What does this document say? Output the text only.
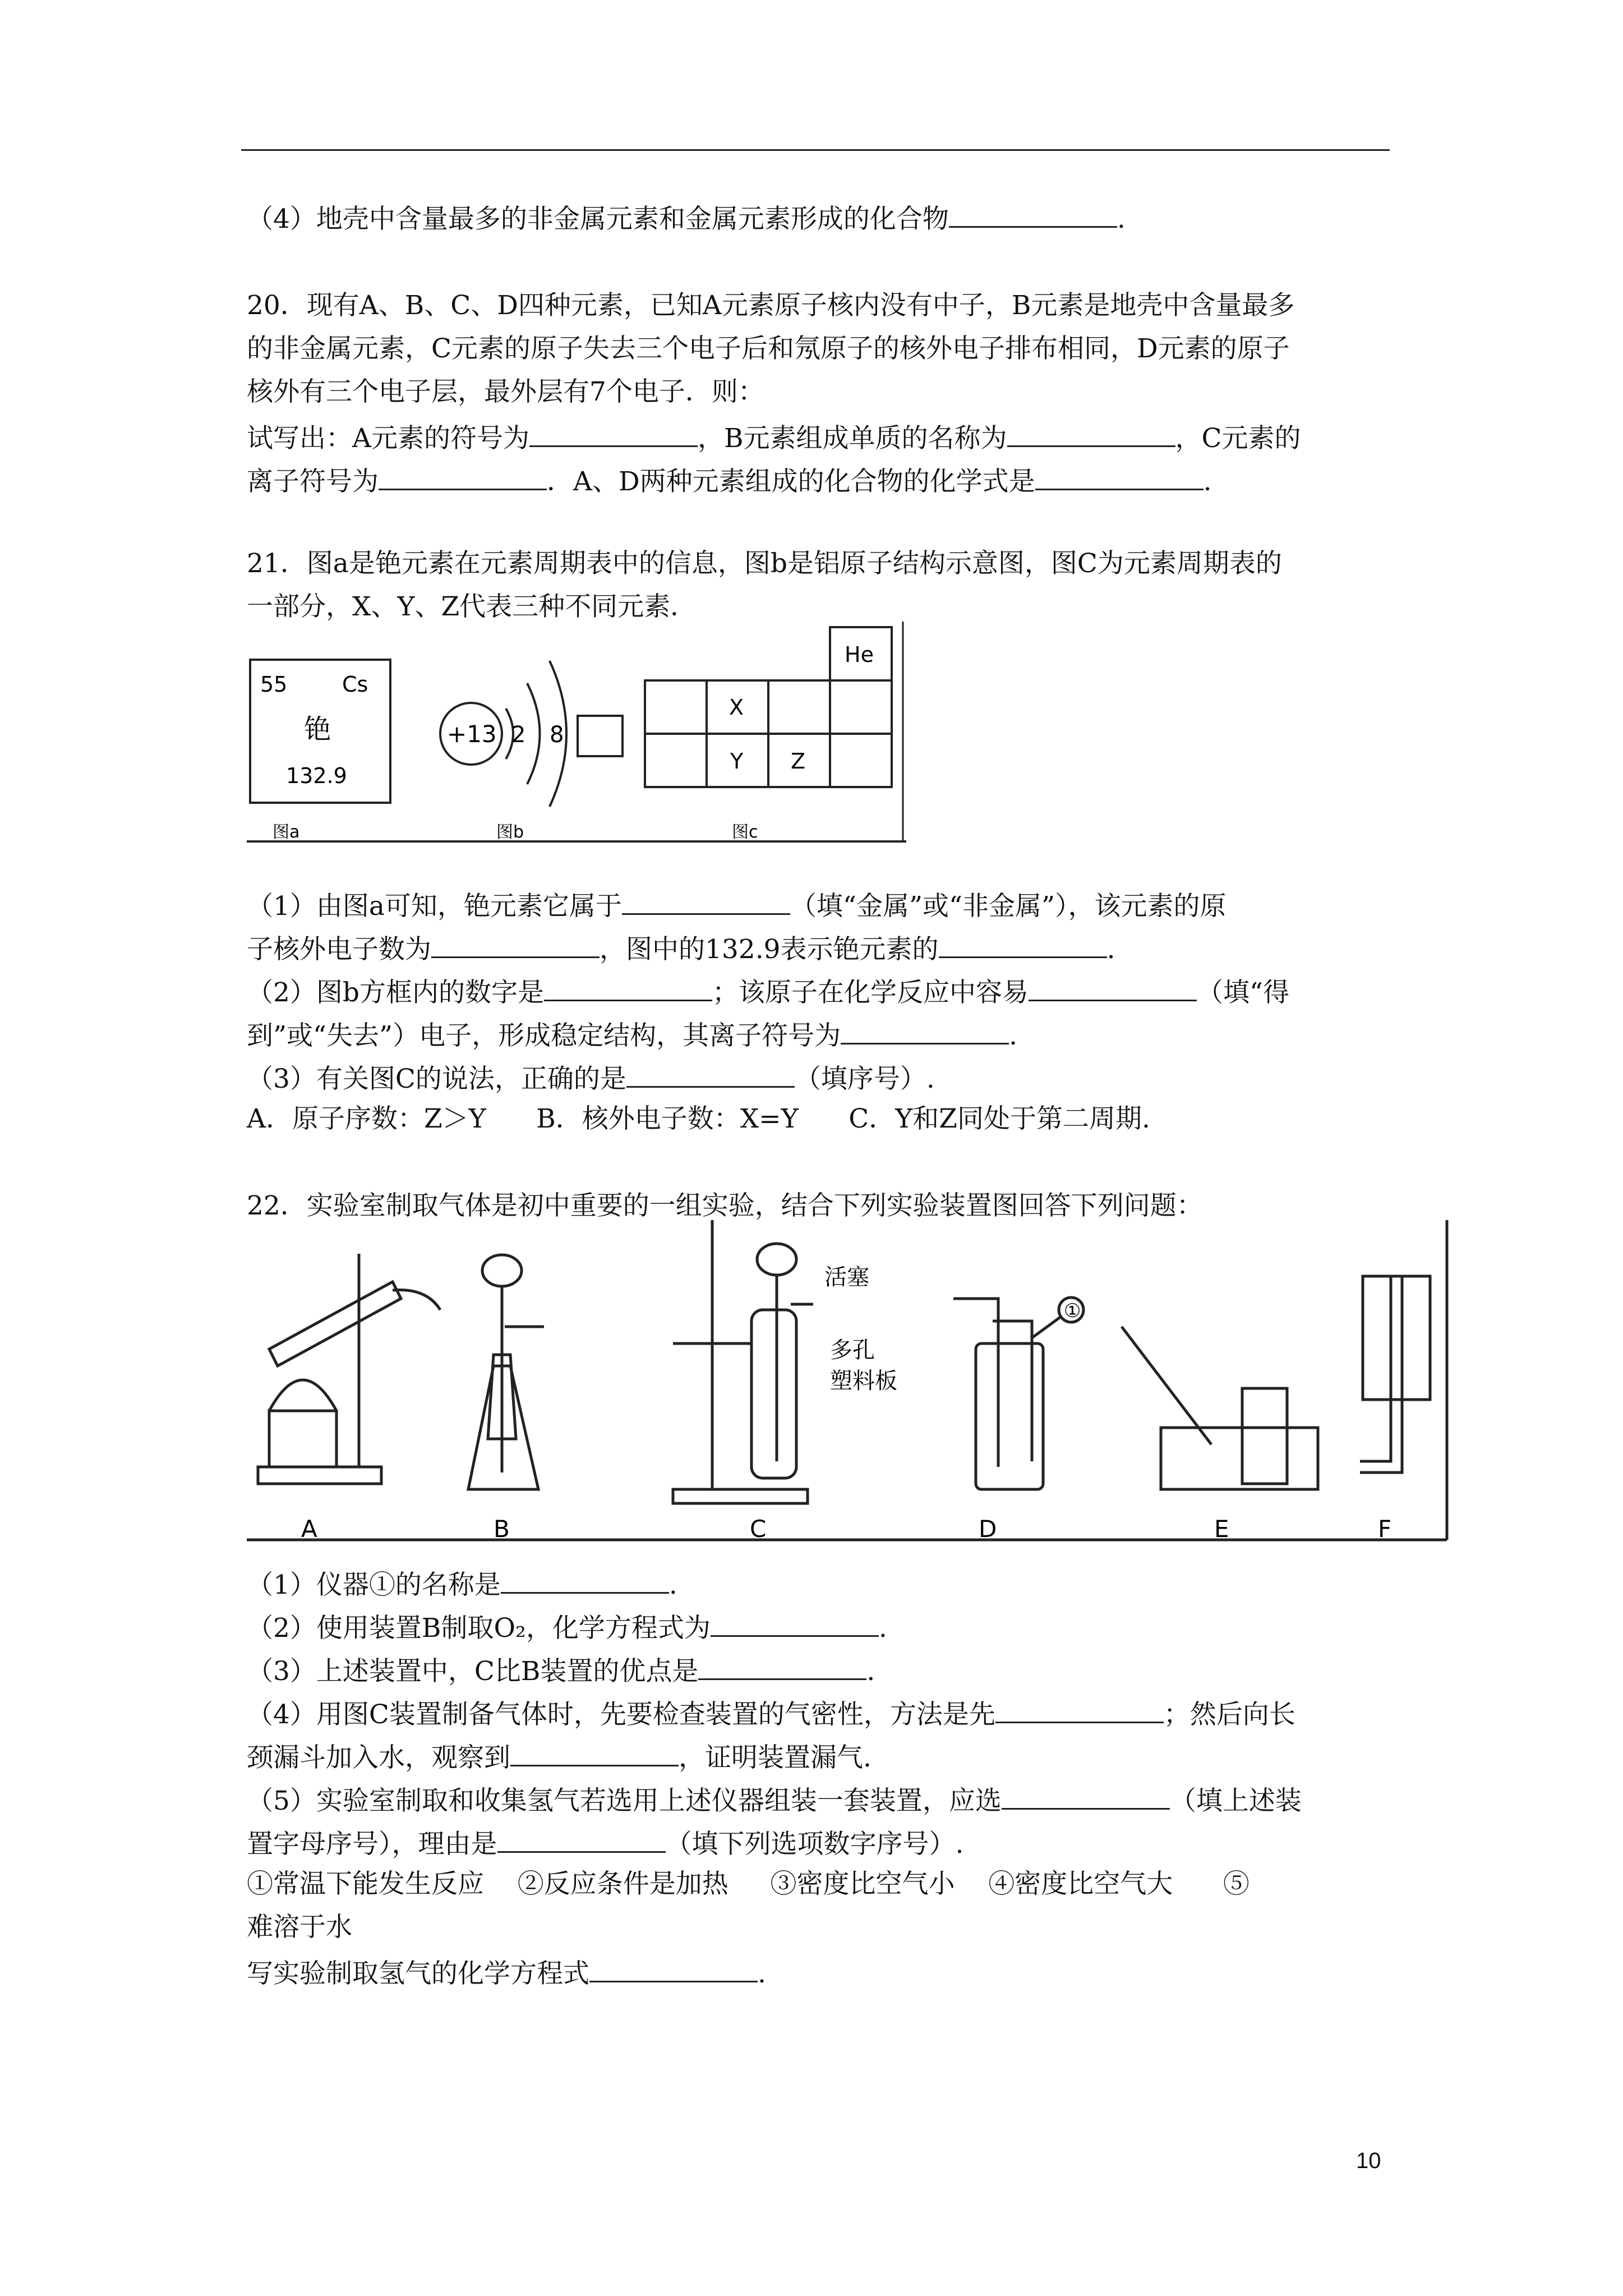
（4）地壳中含量最多的非金属元素和金属元素形成的化合物	.
20．现有A、B、C、D四种元素，已知A元素原子核内没有中子，B元素是地壳中含量最多
的非金属元素，C元素的原子失去三个电子后和氖原子的核外电子排布相同，D元素的原子
核外有三个电子层，最外层有7个电子．则：
试写出：A元素的符号为	，B元素组成单质的名称为	，C元素的
离子符号为	．A、D两种元素组成的化合物的化学式是	.
21．图a是铯元素在元素周期表中的信息，图b是铝原子结构示意图，图C为元素周期表的
一部分，X、Y、Z代表三种不同元素．
55	Cs
铯
132.9
+13 2 8
He
X
Y Z
图a	图b	图c
（1）由图a可知，铯元素它属于	（填“金属”或“非金属”），该元素的原
子核外电子数为	，图中的132.9表示铯元素的	.
（2）图b方框内的数字是	；该原子在化学反应中容易	（填“得
到”或“失去”）电子，形成稳定结构，其离子符号为	.
（3）有关图C的说法，正确的是	（填序号）.
A．原子序数：Z＞Y      B．核外电子数：X=Y      C．Y和Z同处于第二周期.
22．实验室制取气体是初中重要的一组实验，结合下列实验装置图回答下列问题：
活塞
多孔
塑料板
①
A	B	C	D	E	F
（1）仪器①的名称是	.
（2）使用装置B制取O₂，化学方程式为	.
（3）上述装置中，C比B装置的优点是	.
（4）用图C装置制备气体时，先要检查装置的气密性，方法是先	；然后向长
颈漏斗加入水，观察到	，证明装置漏气.
（5）实验室制取和收集氢气若选用上述仪器组装一套装置，应选	（填上述装
置字母序号），理由是	（填下列选项数字序号）.
①常温下能发生反应    ②反应条件是加热     ③密度比空气小    ④密度比空气大      ⑤
难溶于水
写实验制取氢气的化学方程式	.
10
